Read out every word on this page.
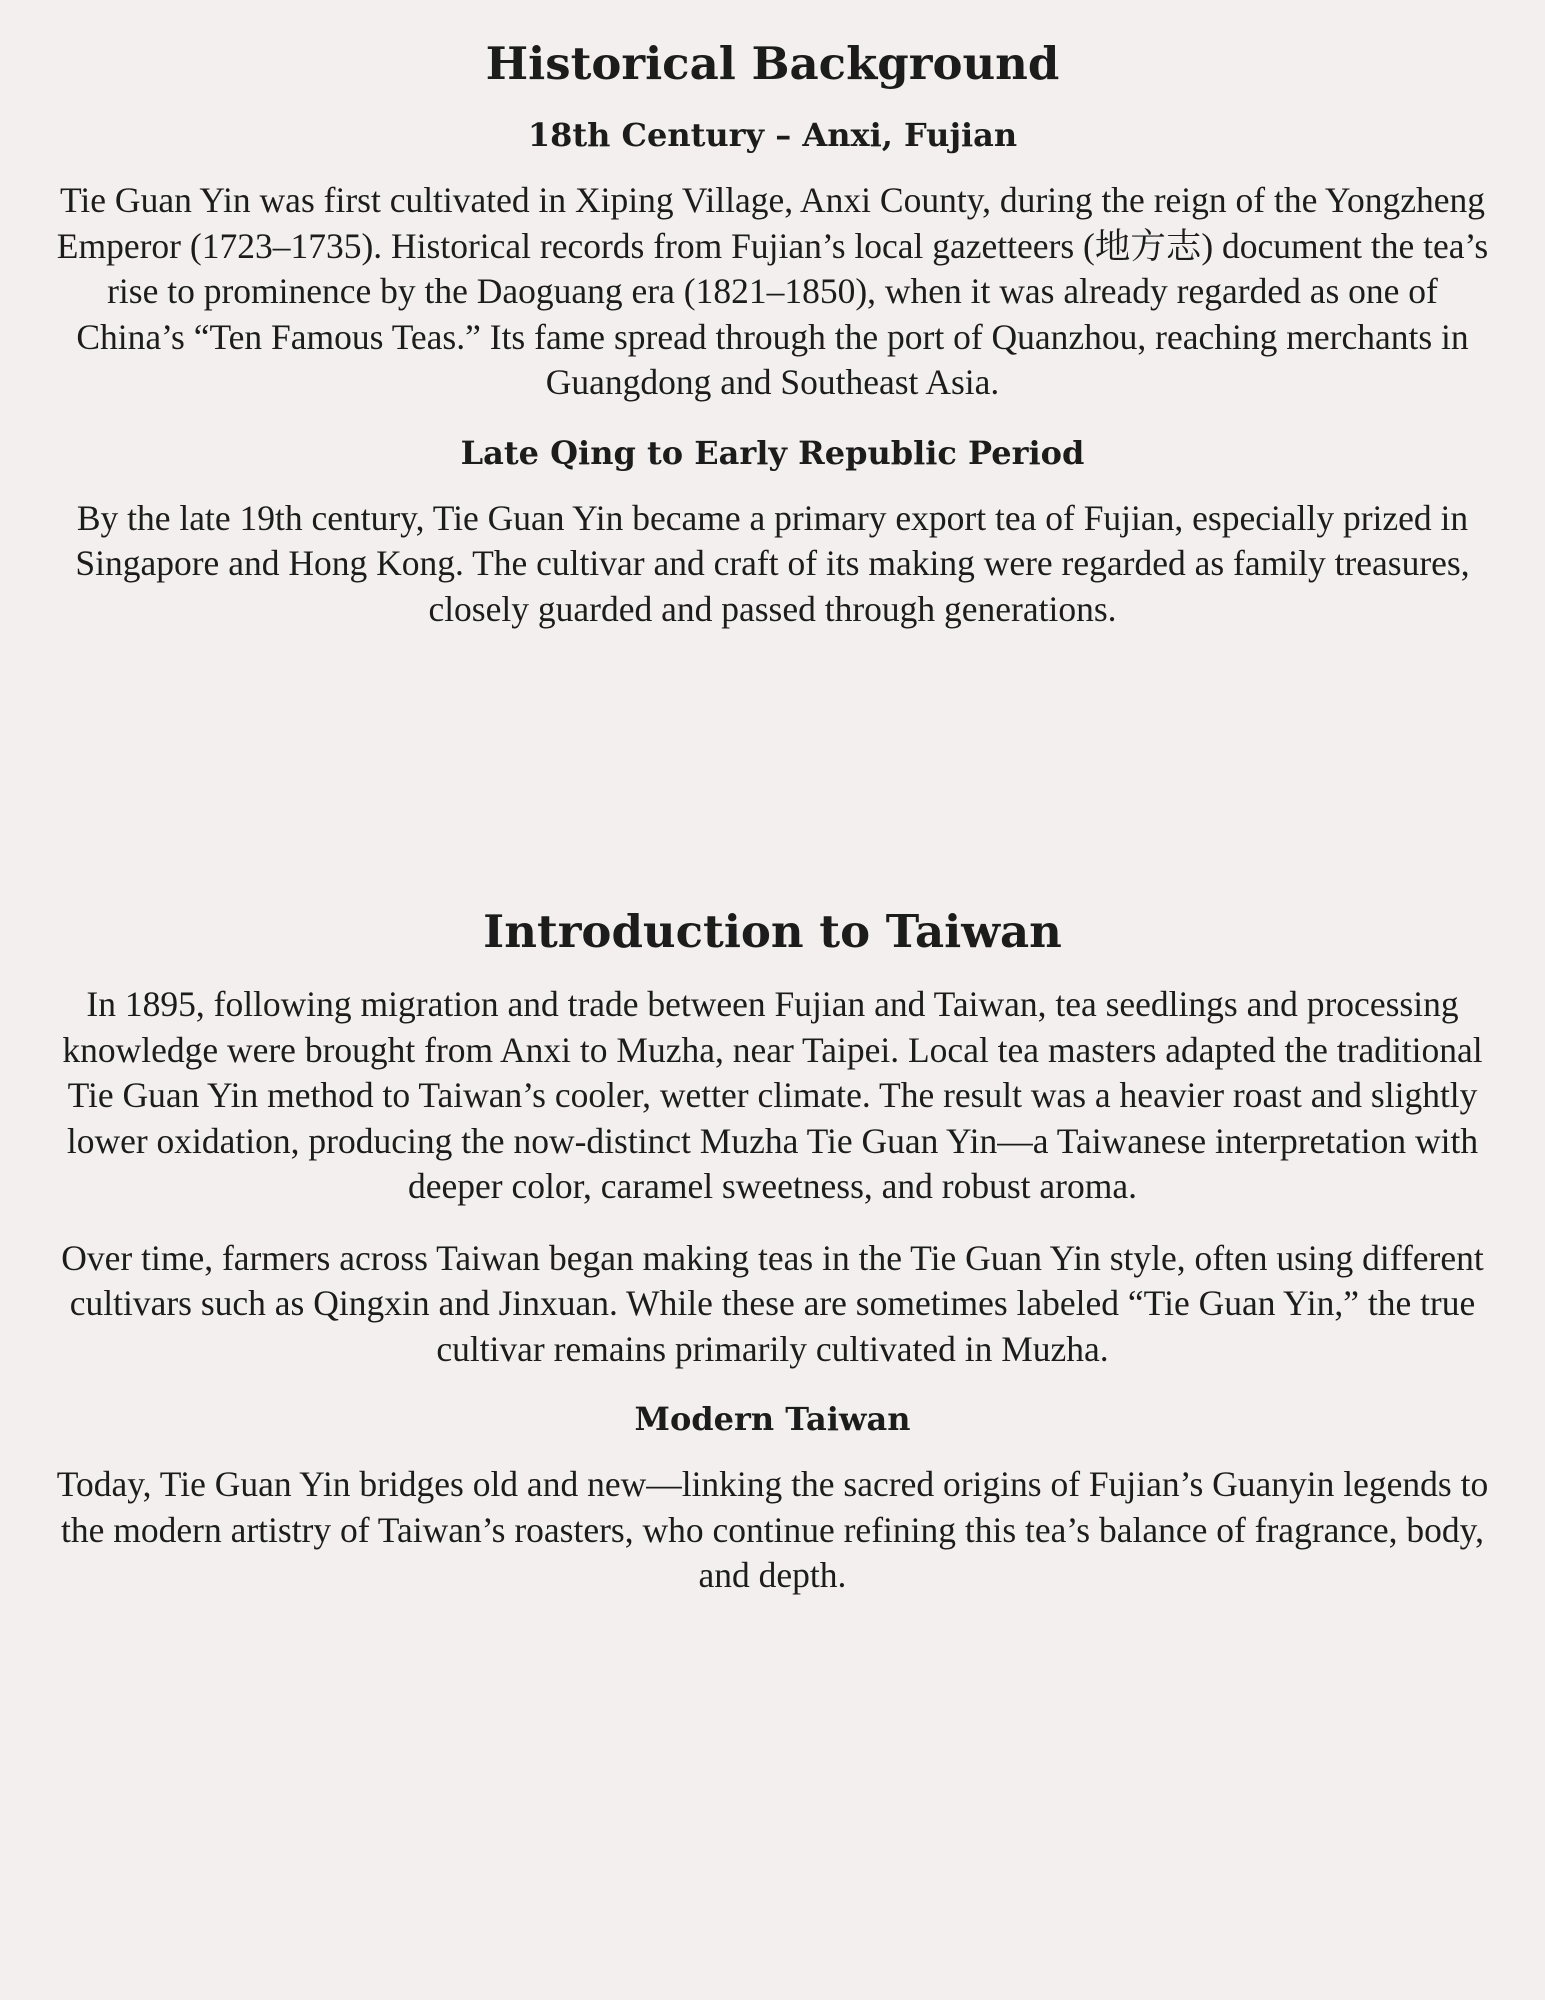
Historical Background
18th Century – Anxi, Fujian

Tie Guan Yin was first cultivated in Xiping Village, Anxi County, during the reign of the Yongzheng Emperor (1723–1735). Historical records from Fujian’s local gazetteers (地方志) document the tea’s rise to prominence by the Daoguang era (1821–1850), when it was already regarded as one of China’s “Ten Famous Teas.” Its fame spread through the port of Quanzhou, reaching merchants in Guangdong and Southeast Asia.

Late Qing to Early Republic Period

By the late 19th century, Tie Guan Yin became a primary export tea of Fujian, especially prized in Singapore and Hong Kong. The cultivar and craft of its making were regarded as family treasures, closely guarded and passed through generations.

Introduction to Taiwan

In 1895, following migration and trade between Fujian and Taiwan, tea seedlings and processing knowledge were brought from Anxi to Muzha, near Taipei. Local tea masters adapted the traditional Tie Guan Yin method to Taiwan’s cooler, wetter climate. The result was a heavier roast and slightly lower oxidation, producing the now-distinct Muzha Tie Guan Yin—a Taiwanese interpretation with deeper color, caramel sweetness, and robust aroma.

Over time, farmers across Taiwan began making teas in the Tie Guan Yin style, often using different cultivars such as Qingxin and Jinxuan. While these are sometimes labeled “Tie Guan Yin,” the true cultivar remains primarily cultivated in Muzha.

Modern Taiwan

Today, Tie Guan Yin bridges old and new—linking the sacred origins of Fujian’s Guanyin legends to the modern artistry of Taiwan’s roasters, who continue refining this tea’s balance of fragrance, body, and depth.
